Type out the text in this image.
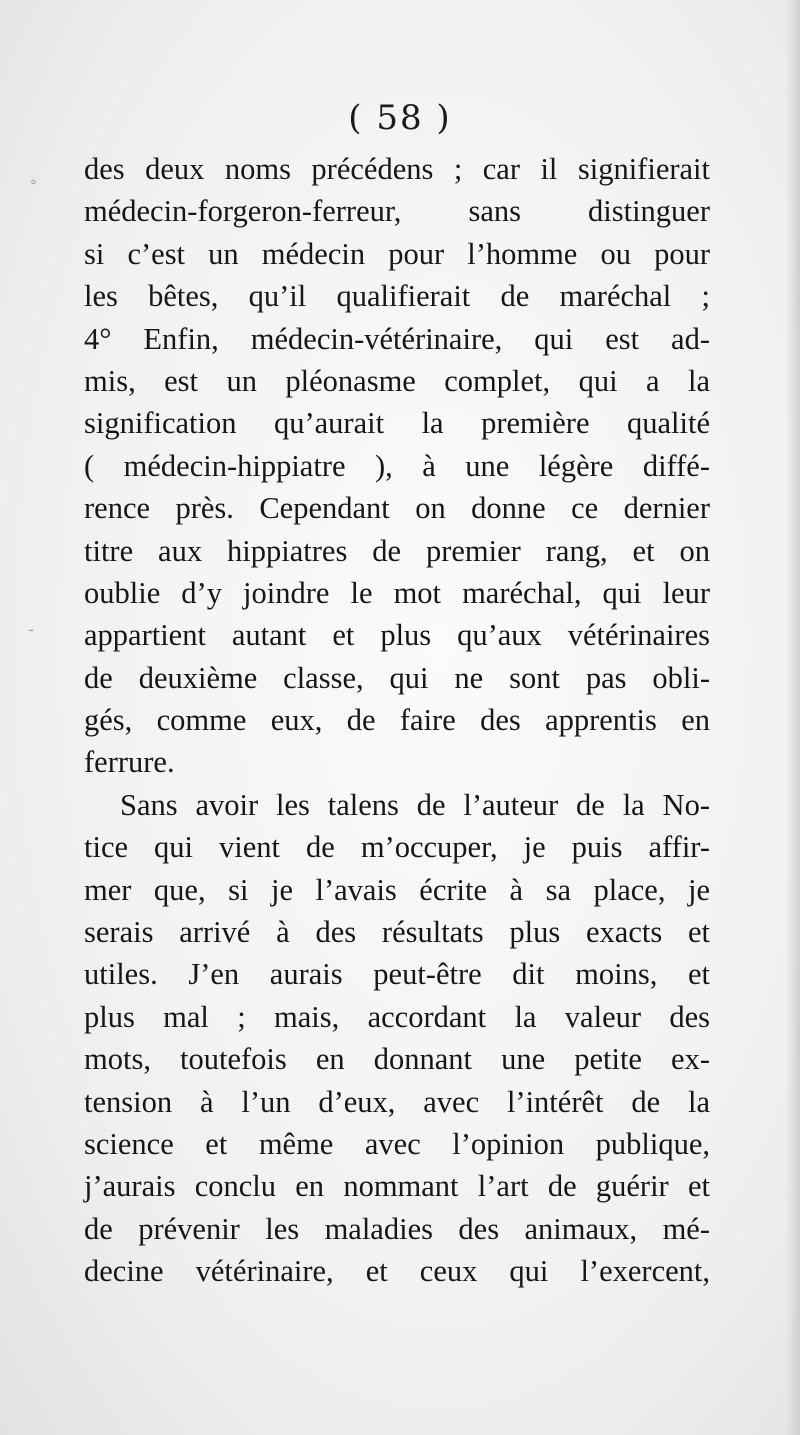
( 58 )
°
-
des deux noms précédens ; car il signifierait
médecin-forgeron-ferreur, sans distinguer
si c’est un médecin pour l’homme ou pour
les bêtes, qu’il qualifierait de maréchal ;
4° Enfin, médecin-vétérinaire, qui est ad-
mis, est un pléonasme complet, qui a la
signification qu’aurait la première qualité
( médecin-hippiatre ), à une légère diffé-
rence près. Cependant on donne ce dernier
titre aux hippiatres de premier rang, et on
oublie d’y joindre le mot maréchal, qui leur
appartient autant et plus qu’aux vétérinaires
de deuxième classe, qui ne sont pas obli-
gés, comme eux, de faire des apprentis en
ferrure.
Sans avoir les talens de l’auteur de la No-
tice qui vient de m’occuper, je puis affir-
mer que, si je l’avais écrite à sa place, je
serais arrivé à des résultats plus exacts et
utiles. J’en aurais peut-être dit moins, et
plus mal ; mais, accordant la valeur des
mots, toutefois en donnant une petite ex-
tension à l’un d’eux, avec l’intérêt de la
science et même avec l’opinion publique,
j’aurais conclu en nommant l’art de guérir et
de prévenir les maladies des animaux, mé-
decine vétérinaire, et ceux qui l’exercent,
